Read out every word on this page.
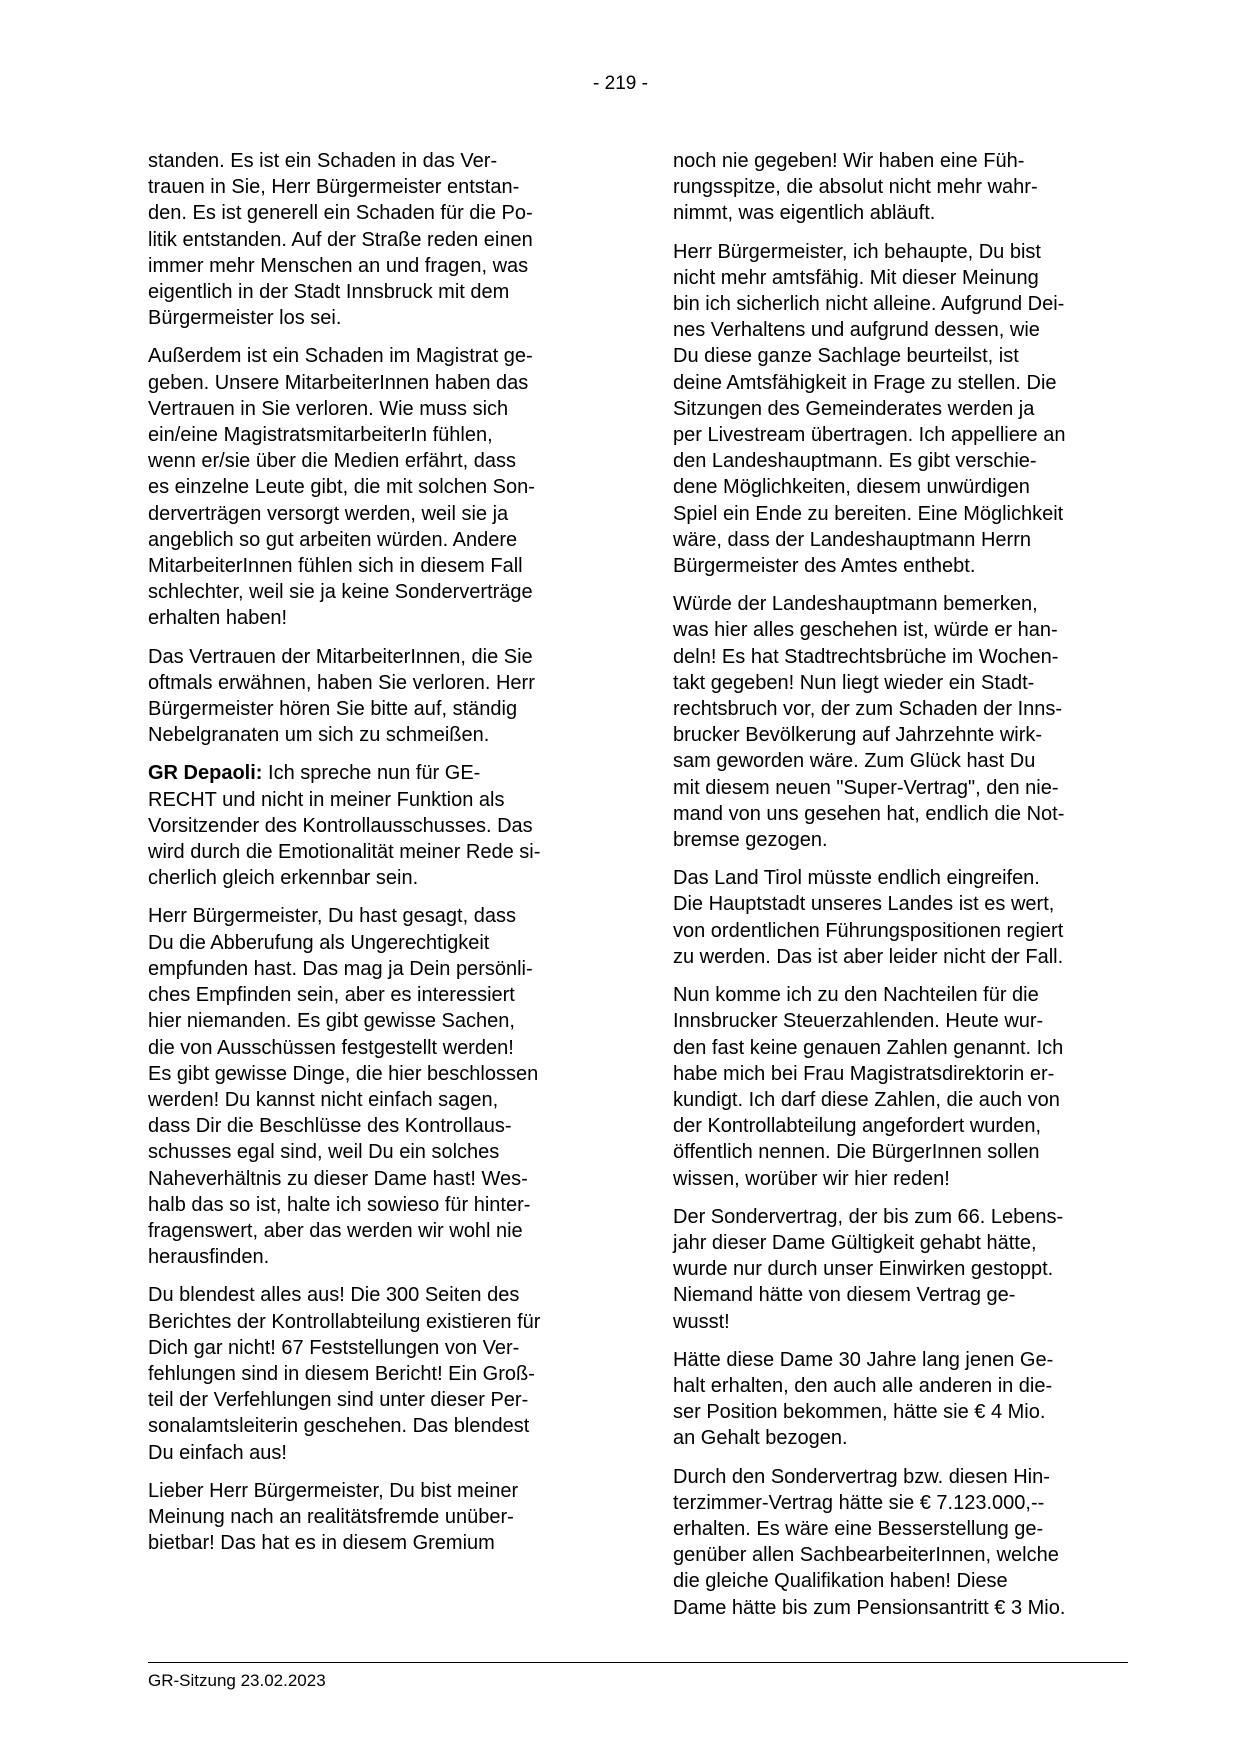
- 219 -

standen. Es ist ein Schaden in das Ver-
trauen in Sie, Herr Bürgermeister entstan-
den. Es ist generell ein Schaden für die Po-
litik entstanden. Auf der Straße reden einen
immer mehr Menschen an und fragen, was
eigentlich in der Stadt Innsbruck mit dem
Bürgermeister los sei.

Außerdem ist ein Schaden im Magistrat ge-
geben. Unsere MitarbeiterInnen haben das
Vertrauen in Sie verloren. Wie muss sich
ein/eine MagistratsmitarbeiterIn fühlen,
wenn er/sie über die Medien erfährt, dass
es einzelne Leute gibt, die mit solchen Son-
derverträgen versorgt werden, weil sie ja
angeblich so gut arbeiten würden. Andere
MitarbeiterInnen fühlen sich in diesem Fall
schlechter, weil sie ja keine Sonderverträge
erhalten haben!

Das Vertrauen der MitarbeiterInnen, die Sie
oftmals erwähnen, haben Sie verloren. Herr
Bürgermeister hören Sie bitte auf, ständig
Nebelgranaten um sich zu schmeißen.

GR Depaoli: Ich spreche nun für GE-
RECHT und nicht in meiner Funktion als
Vorsitzender des Kontrollausschusses. Das
wird durch die Emotionalität meiner Rede si-
cherlich gleich erkennbar sein.

Herr Bürgermeister, Du hast gesagt, dass
Du die Abberufung als Ungerechtigkeit
empfunden hast. Das mag ja Dein persönli-
ches Empfinden sein, aber es interessiert
hier niemanden. Es gibt gewisse Sachen,
die von Ausschüssen festgestellt werden!
Es gibt gewisse Dinge, die hier beschlossen
werden! Du kannst nicht einfach sagen,
dass Dir die Beschlüsse des Kontrollaus-
schusses egal sind, weil Du ein solches
Naheverhältnis zu dieser Dame hast! Wes-
halb das so ist, halte ich sowieso für hinter-
fragenswert, aber das werden wir wohl nie
herausfinden.

Du blendest alles aus! Die 300 Seiten des
Berichtes der Kontrollabteilung existieren für
Dich gar nicht! 67 Feststellungen von Ver-
fehlungen sind in diesem Bericht! Ein Groß-
teil der Verfehlungen sind unter dieser Per-
sonalamtsleiterin geschehen. Das blendest
Du einfach aus!

Lieber Herr Bürgermeister, Du bist meiner
Meinung nach an realitätsfremde unüber-
bietbar! Das hat es in diesem Gremium

noch nie gegeben! Wir haben eine Füh-
rungsspitze, die absolut nicht mehr wahr-
nimmt, was eigentlich abläuft.

Herr Bürgermeister, ich behaupte, Du bist
nicht mehr amtsfähig. Mit dieser Meinung
bin ich sicherlich nicht alleine. Aufgrund Dei-
nes Verhaltens und aufgrund dessen, wie
Du diese ganze Sachlage beurteilst, ist
deine Amtsfähigkeit in Frage zu stellen. Die
Sitzungen des Gemeinderates werden ja
per Livestream übertragen. Ich appelliere an
den Landeshauptmann. Es gibt verschie-
dene Möglichkeiten, diesem unwürdigen
Spiel ein Ende zu bereiten. Eine Möglichkeit
wäre, dass der Landeshauptmann Herrn
Bürgermeister des Amtes enthebt.

Würde der Landeshauptmann bemerken,
was hier alles geschehen ist, würde er han-
deln! Es hat Stadtrechtsbrüche im Wochen-
takt gegeben! Nun liegt wieder ein Stadt-
rechtsbruch vor, der zum Schaden der Inns-
brucker Bevölkerung auf Jahrzehnte wirk-
sam geworden wäre. Zum Glück hast Du
mit diesem neuen "Super-Vertrag", den nie-
mand von uns gesehen hat, endlich die Not-
bremse gezogen.

Das Land Tirol müsste endlich eingreifen.
Die Hauptstadt unseres Landes ist es wert,
von ordentlichen Führungspositionen regiert
zu werden. Das ist aber leider nicht der Fall.

Nun komme ich zu den Nachteilen für die
Innsbrucker Steuerzahlenden. Heute wur-
den fast keine genauen Zahlen genannt. Ich
habe mich bei Frau Magistratsdirektorin er-
kundigt. Ich darf diese Zahlen, die auch von
der Kontrollabteilung angefordert wurden,
öffentlich nennen. Die BürgerInnen sollen
wissen, worüber wir hier reden!

Der Sondervertrag, der bis zum 66. Lebens-
jahr dieser Dame Gültigkeit gehabt hätte,
wurde nur durch unser Einwirken gestoppt.
Niemand hätte von diesem Vertrag ge-
wusst!

Hätte diese Dame 30 Jahre lang jenen Ge-
halt erhalten, den auch alle anderen in die-
ser Position bekommen, hätte sie € 4 Mio.
an Gehalt bezogen.

Durch den Sondervertrag bzw. diesen Hin-
terzimmer-Vertrag hätte sie € 7.123.000,--
erhalten. Es wäre eine Besserstellung ge-
genüber allen SachbearbeiterInnen, welche
die gleiche Qualifikation haben! Diese
Dame hätte bis zum Pensionsantritt € 3 Mio.

GR-Sitzung 23.02.2023
